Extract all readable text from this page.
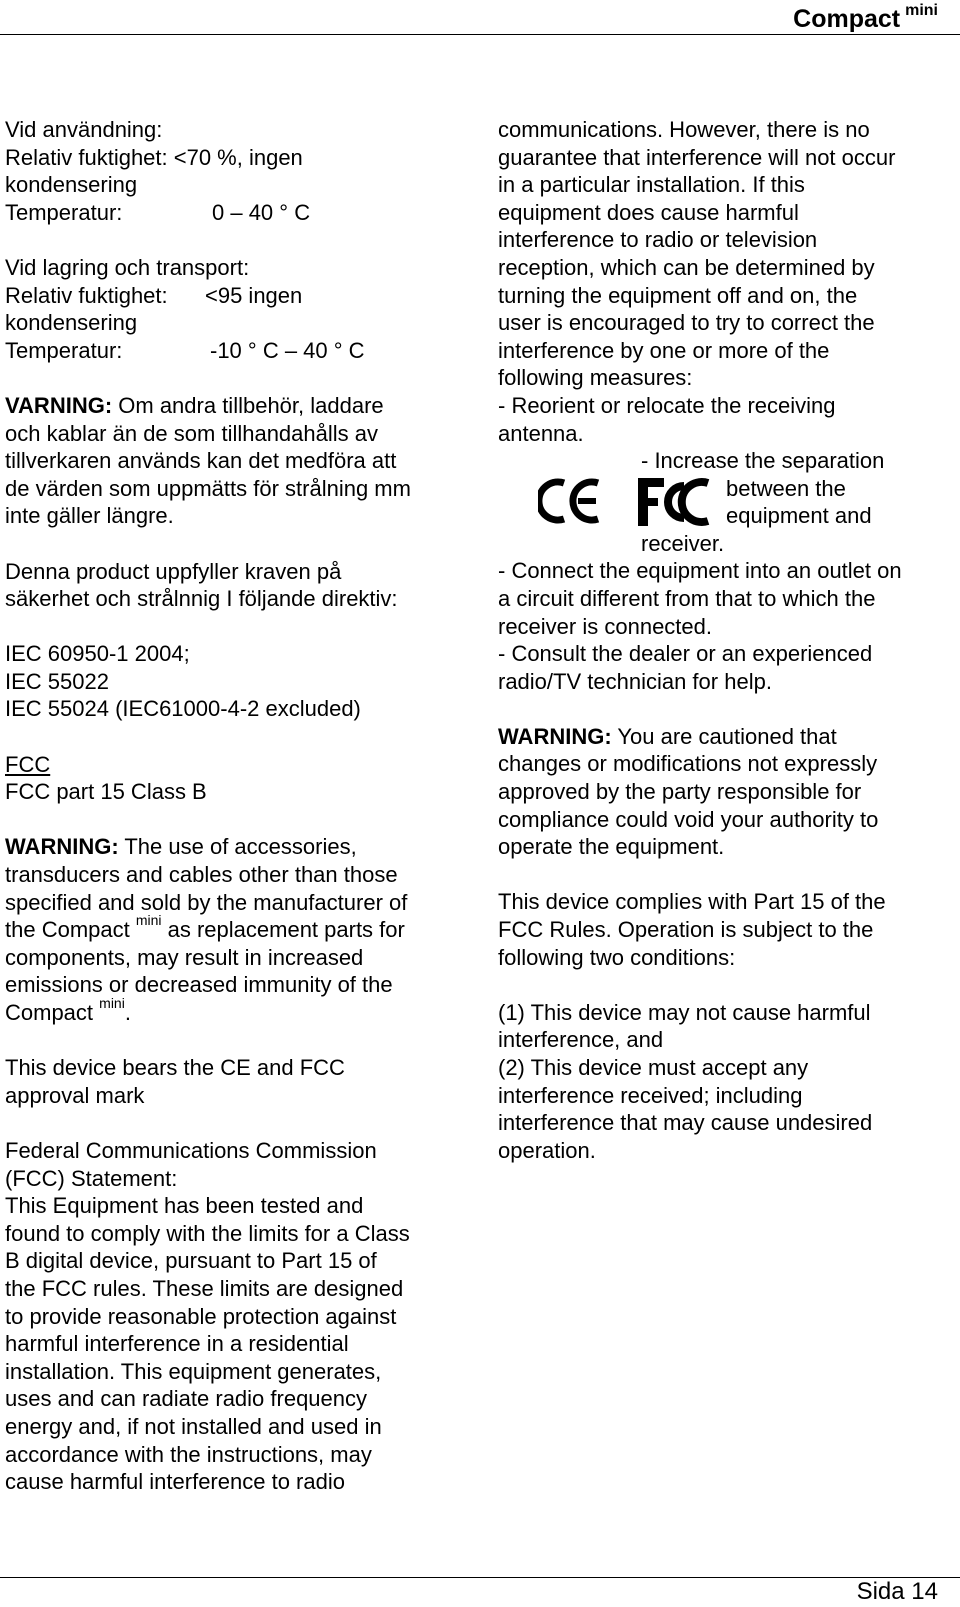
Compact $^{mini}$

Vid användning:
Relativ fuktighet: <70 %, ingen
kondensering
Temperatur:	0 – 40 ° C

Vid lagring och transport:
Relativ fuktighet: <95 ingen
kondensering
Temperatur:	-10 ° C – 40 ° C

VARNING: Om andra tillbehör, laddare
och kablar än de som tillhandahålls av
tillverkaren används kan det medföra att
de värden som uppmätts för strålning mm
inte gäller längre.

Denna product uppfyller kraven på
säkerhet och strålnnig I följande direktiv:

IEC 60950-1 2004;
IEC 55022
IEC 55024 (IEC61000-4-2 excluded)

FCC
FCC part 15 Class B

WARNING: The use of accessories,
transducers and cables other than those
specified and sold by the manufacturer of
the Compact $^{mini}$ as replacement parts for
components, may result in increased
emissions or decreased immunity of the
Compact $^{mini}$.

This device bears the CE and FCC
approval mark

Federal Communications Commission
(FCC) Statement:
This Equipment has been tested and
found to comply with the limits for a Class
B digital device, pursuant to Part 15 of
the FCC rules. These limits are designed
to provide reasonable protection against
harmful interference in a residential
installation. This equipment generates,
uses and can radiate radio frequency
energy and, if not installed and used in
accordance with the instructions, may
cause harmful interference to radio

communications. However, there is no
guarantee that interference will not occur
in a particular installation. If this
equipment does cause harmful
interference to radio or television
reception, which can be determined by
turning the equipment off and on, the
user is encouraged to try to correct the
interference by one or more of the
following measures:
- Reorient or relocate the receiving
antenna.

- Increase the separation
between the
equipment and
receiver.

- Connect the equipment into an outlet on
a circuit different from that to which the
receiver is connected.

- Consult the dealer or an experienced
radio/TV technician for help.

WARNING: You are cautioned that
changes or modifications not expressly
approved by the party responsible for
compliance could void your authority to
operate the equipment.

This device complies with Part 15 of the
FCC Rules. Operation is subject to the
following two conditions:

(1) This device may not cause harmful
interference, and
(2) This device must accept any
interference received; including
interference that may cause undesired
operation.

Sida 14
